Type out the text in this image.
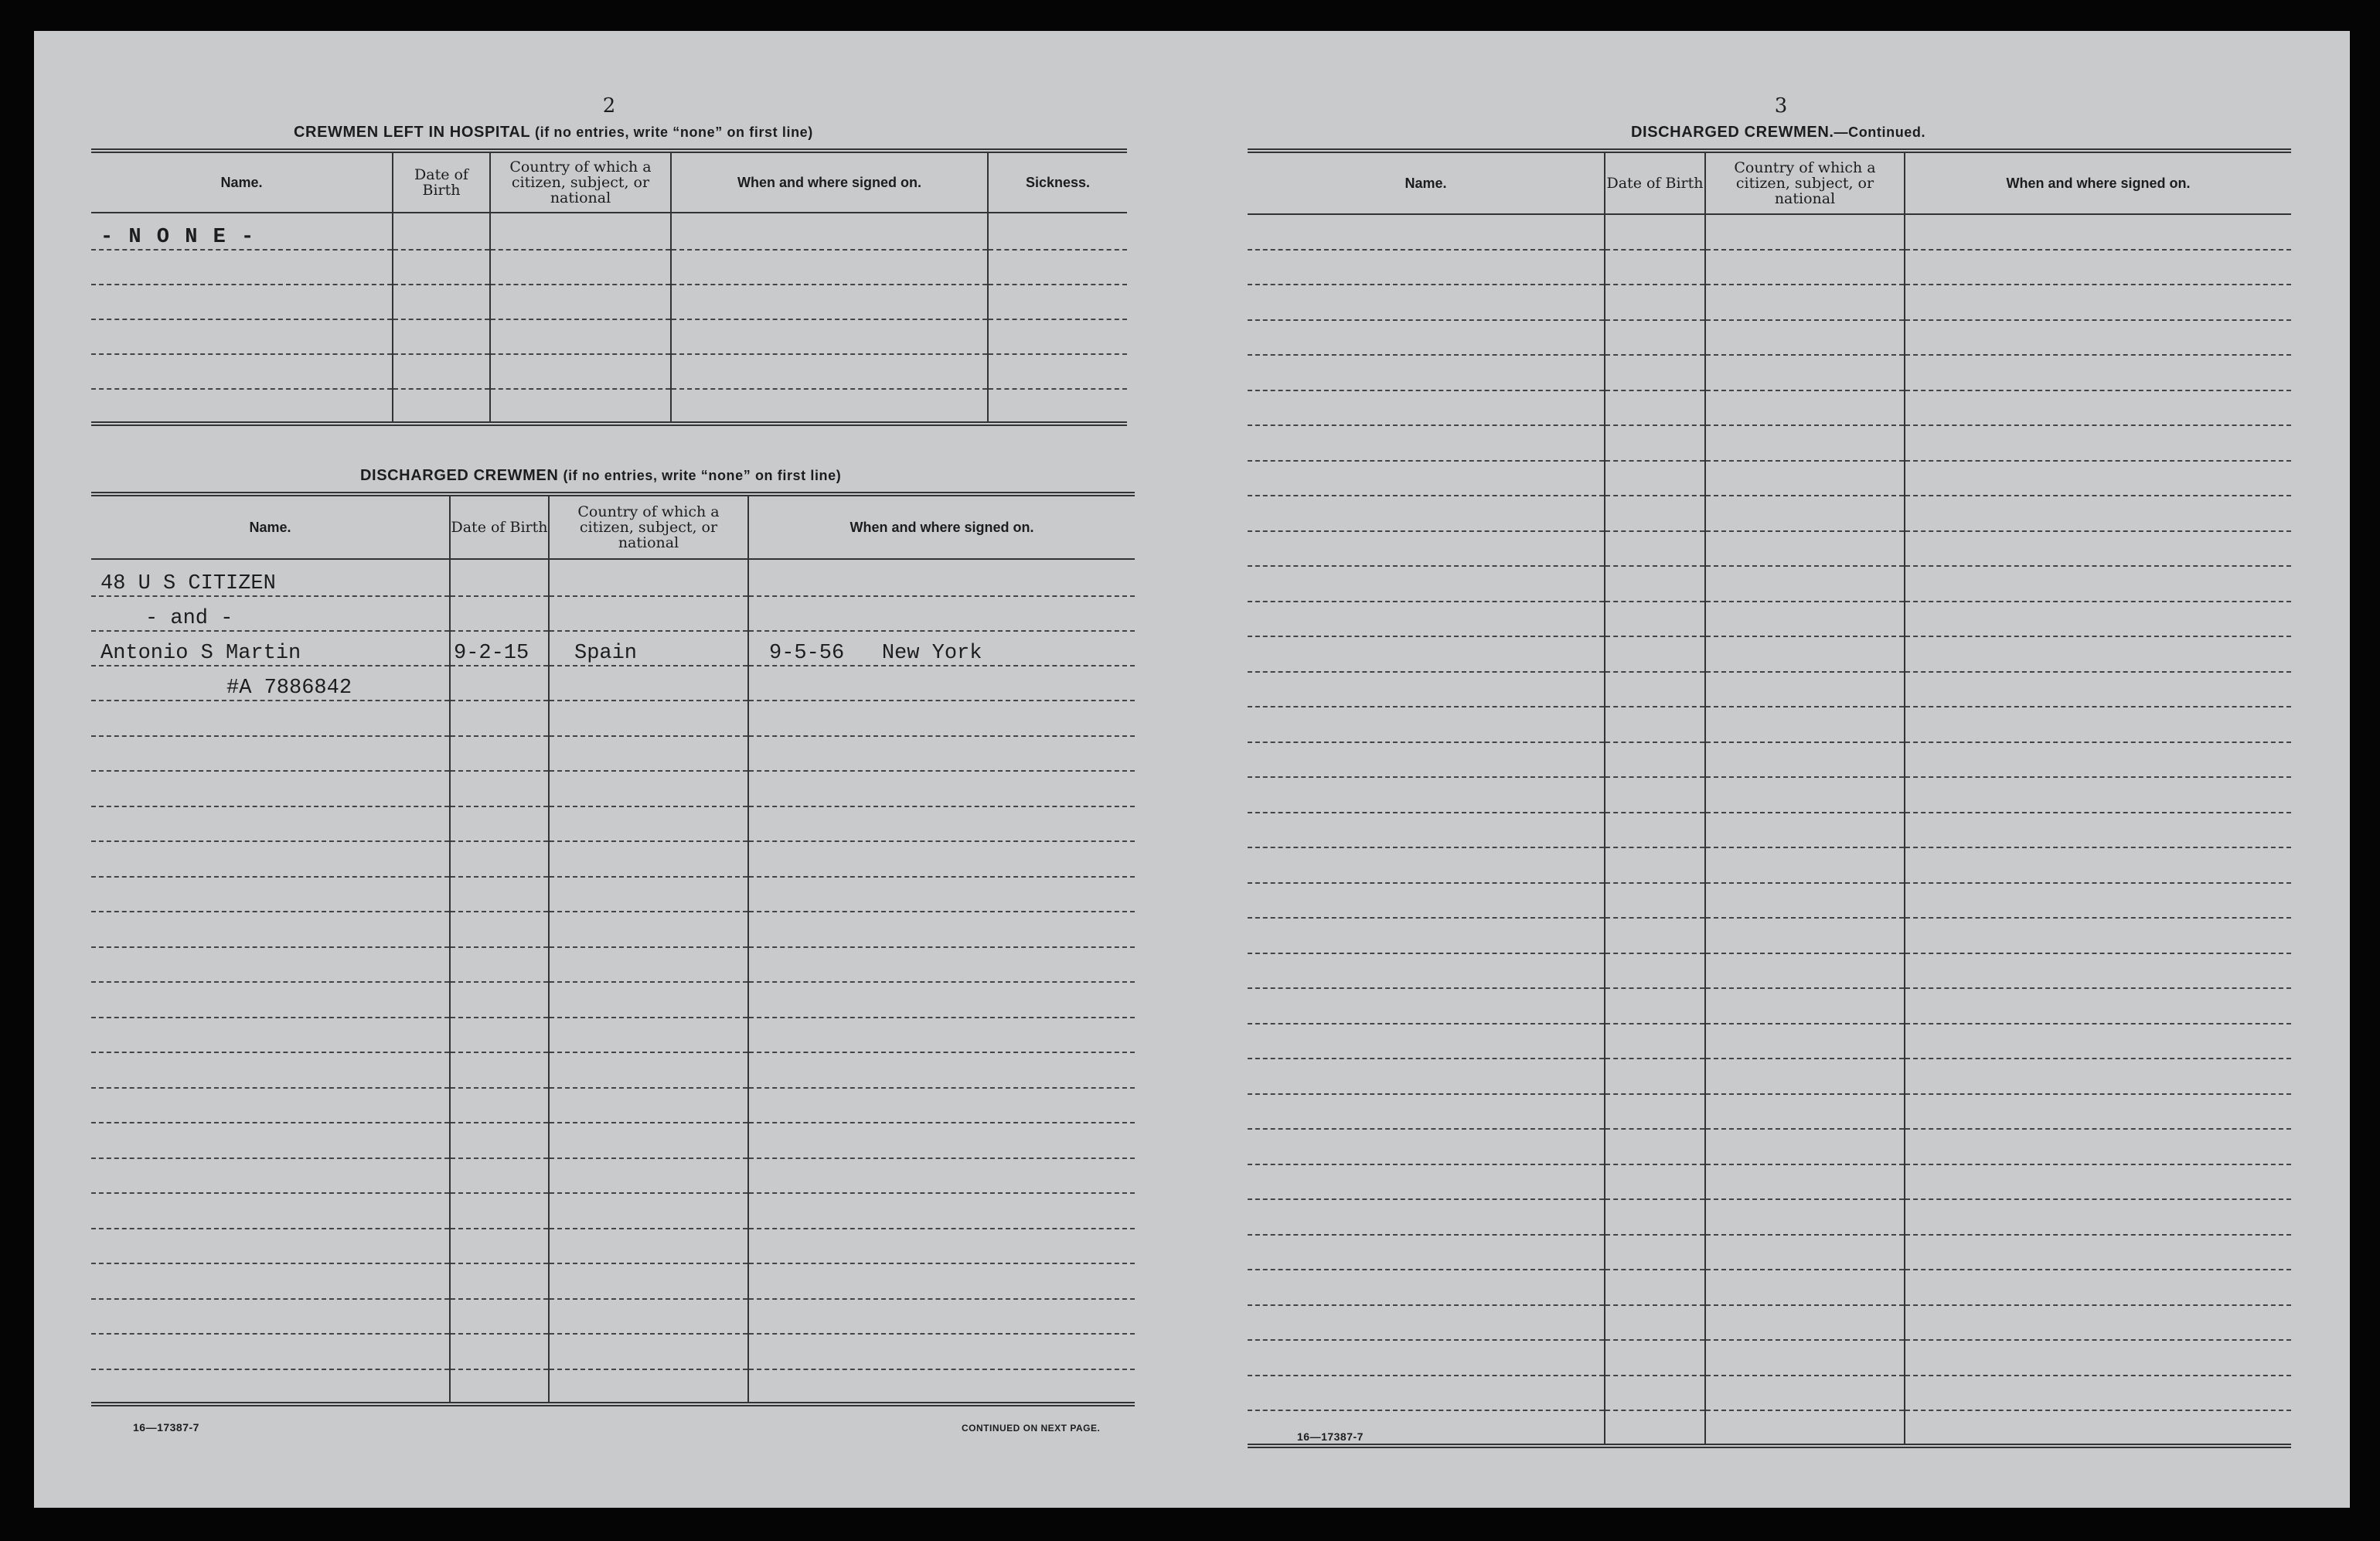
2
CREWMEN LEFT IN HOSPITAL (if no entries, write “none” on first line)
Name.	Date of Birth	Country of which a citizen, subject, or national	When and where signed on.	Sickness.
- N O N E -				

DISCHARGED CREWMEN (if no entries, write “none” on first line)
Name.	Date of Birth	Country of which a citizen, subject, or national	When and where signed on.
48 U S CITIZEN			
- and -			
Antonio S Martin	9-2-15	Spain	9-5-56   New York
#A 7886842			

16—17387-7	CONTINUED ON NEXT PAGE.
3
DISCHARGED CREWMEN.—Continued.
Name.	Date of Birth	Country of which a citizen, subject, or national	When and where signed on.

16—17387-7
